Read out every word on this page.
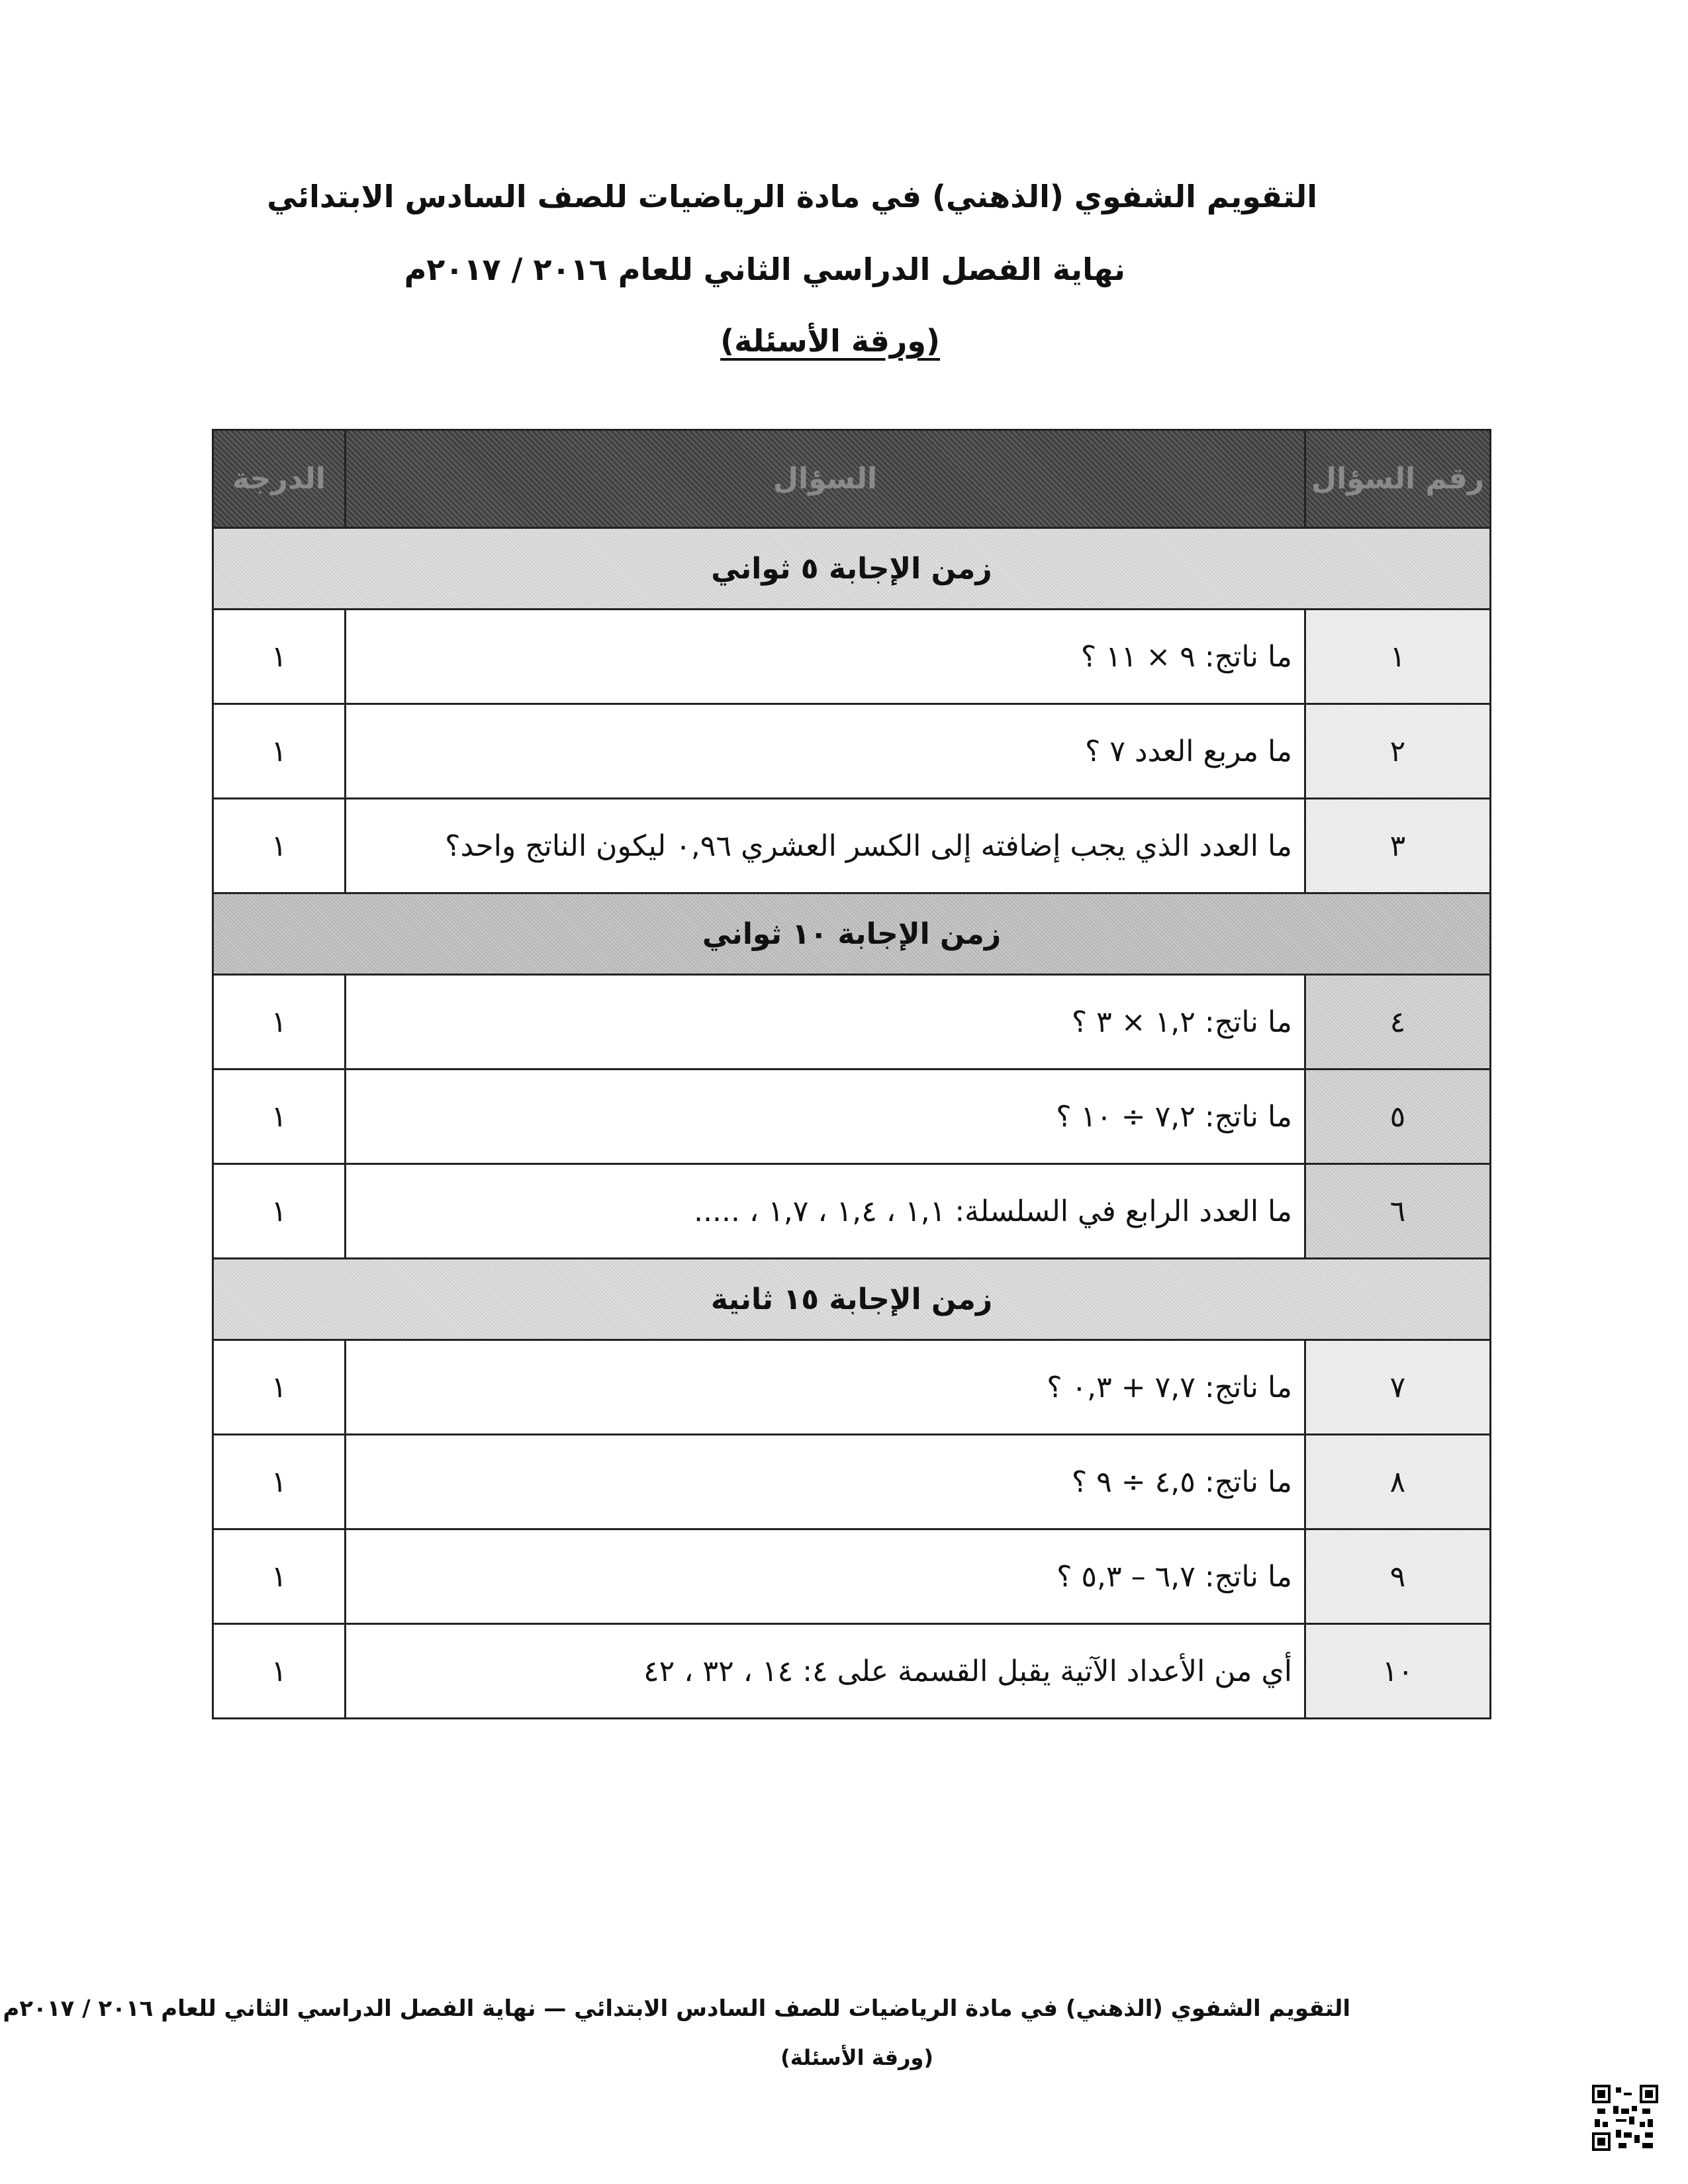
التقويم الشفوي (الذهني) في مادة الرياضيات للصف السادس الابتدائي
نهاية الفصل الدراسي الثاني للعام ٢٠١٦ / ٢٠١٧م
(ورقة الأسئلة)
رقم السؤال	السؤال	الدرجة
زمن الإجابة ٥ ثواني		
١	ما ناتج: ٩ × ١١ ؟	١
٢	ما مربع العدد ٧ ؟	١
٣	ما العدد الذي يجب إضافته إلى الكسر العشري ٠,٩٦ ليكون الناتج واحد؟	١
زمن الإجابة ١٠ ثواني		
٤	ما ناتج: ١,٢ × ٣ ؟	١
٥	ما ناتج: ٧,٢ ÷ ١٠ ؟	١
٦	ما العدد الرابع في السلسلة: ١,١ ، ١,٤ ، ١,٧ ، .....	١
زمن الإجابة ١٥ ثانية		
٧	ما ناتج: ٧,٧ + ٠,٣ ؟	١
٨	ما ناتج: ٤,٥ ÷ ٩ ؟	١
٩	ما ناتج: ٦,٧ – ٥,٣ ؟	١
١٠	أي من الأعداد الآتية يقبل القسمة على ٤: ١٤ ، ٣٢ ، ٤٢	١
التقويم الشفوي (الذهني) في مادة الرياضيات للصف السادس الابتدائي — نهاية الفصل الدراسي الثاني للعام ٢٠١٦ / ٢٠١٧م
(ورقة الأسئلة)
